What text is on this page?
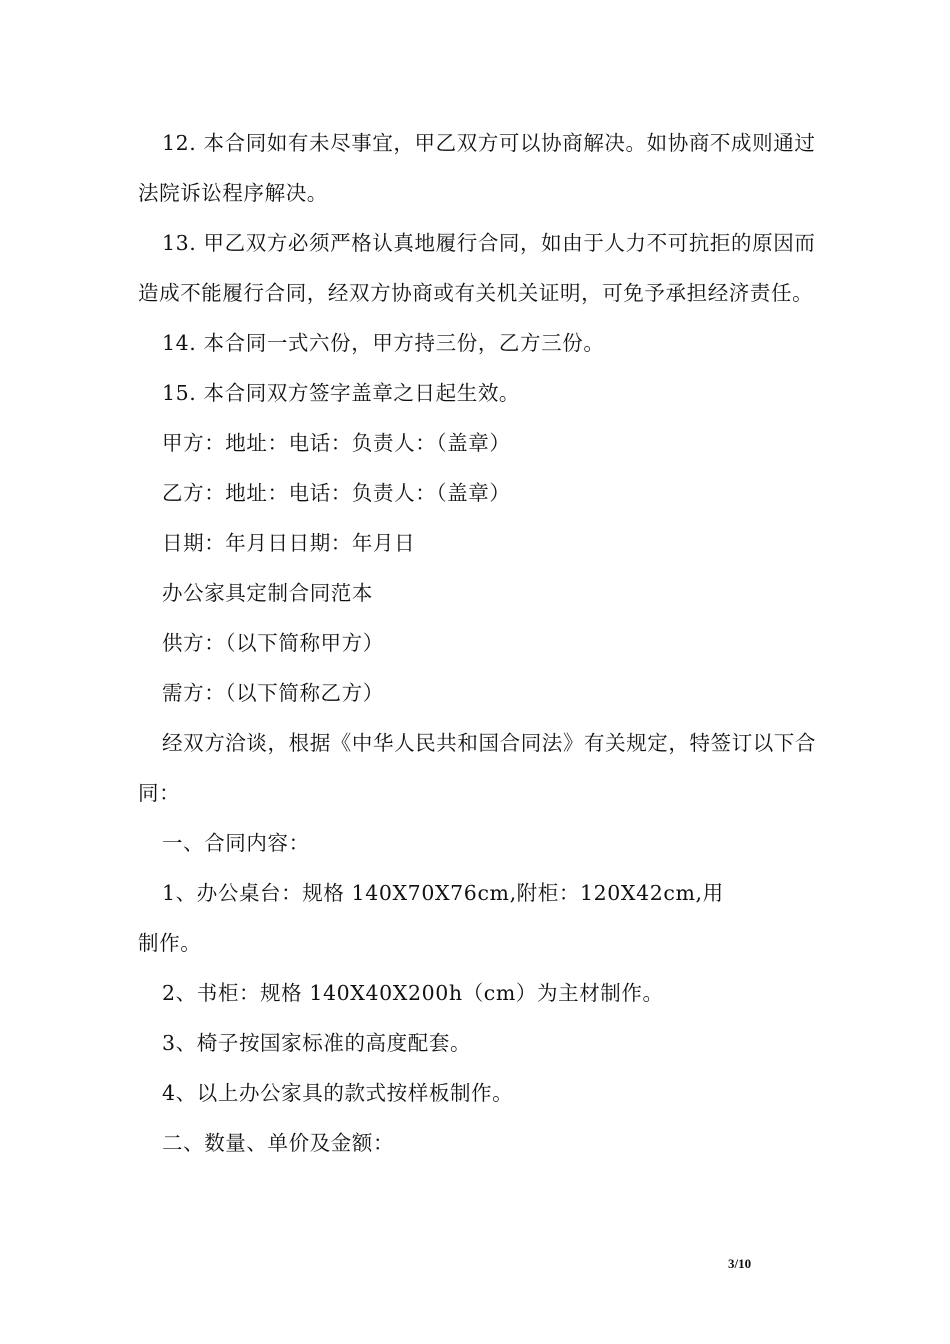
12. 本合同如有未尽事宜，甲乙双方可以协商解决。如协商不成则通过法院诉讼程序解决。

13. 甲乙双方必须严格认真地履行合同，如由于人力不可抗拒的原因而造成不能履行合同，经双方协商或有关机关证明，可免予承担经济责任。

14. 本合同一式六份，甲方持三份，乙方三份。

15. 本合同双方签字盖章之日起生效。

甲方：地址：电话：负责人：（盖章）

乙方：地址：电话：负责人：（盖章）

日期：年月日日期：年月日

办公家具定制合同范本

供方：（以下简称甲方）

需方：（以下简称乙方）

经双方洽谈，根据《中华人民共和国合同法》有关规定，特签订以下合同：

一、合同内容：

1、办公桌台：规格 140X70X76cm,附柜：120X42cm,用

制作。

2、书柜：规格 140X40X200h（cm）为主材制作。

3、椅子按国家标准的高度配套。

4、以上办公家具的款式按样板制作。

二、数量、单价及金额：

3/10
